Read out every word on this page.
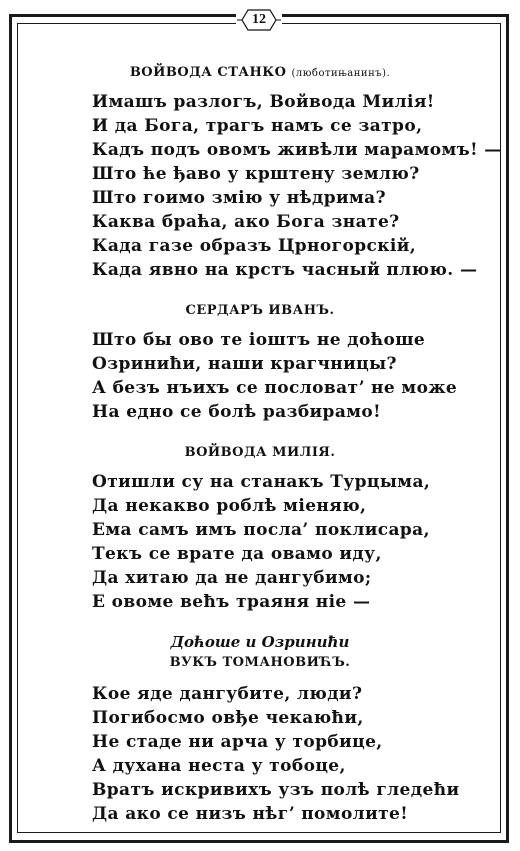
12

ВОЙВОДА СТАНКО (люботињанинъ).

Имашъ разлогъ, Войвода Милія!
И да Бога, трагъ намъ се затро,
Кадъ подъ овомъ живѣли марамомъ! —
Што ће ђаво у крштену землю?
Што гоимо змію у нѣдрима?
Каква браћа, ако Бога знате?
Када газе образъ Црногорскій,
Када явно на крстъ часный плюю. —

СЕРДАРЪ ИВАНЪ.

Што бы ово те іоштъ не доћоше
Озриниħи, наши крагчницы?
А безъ нъихъ се пословатʼ не може
На едно се болѣ разбирамо!

ВОЙВОДА МИЛІЯ.

Отишли су на станакъ Турцыма,
Да некакво роблѣ міеняю,
Ема самъ имъ посла’ поклисара,
Текъ се врате да овамо иду,
Да хитаю да не дангубимо;
Е овоме веħъ траяня ніе —

Доћоше и Озриниħи

ВУКЪ ТОМАНОВИЋЪ.

Кое яде дангубите, люди?
Погибосмо овђе чекаюħи,
Не стаде ни арча у торбице,
А духана неста у тобоце,
Вратъ искривихъ узъ полѣ гледеħи
Да ако се низъ нѣгʼ помолите!
